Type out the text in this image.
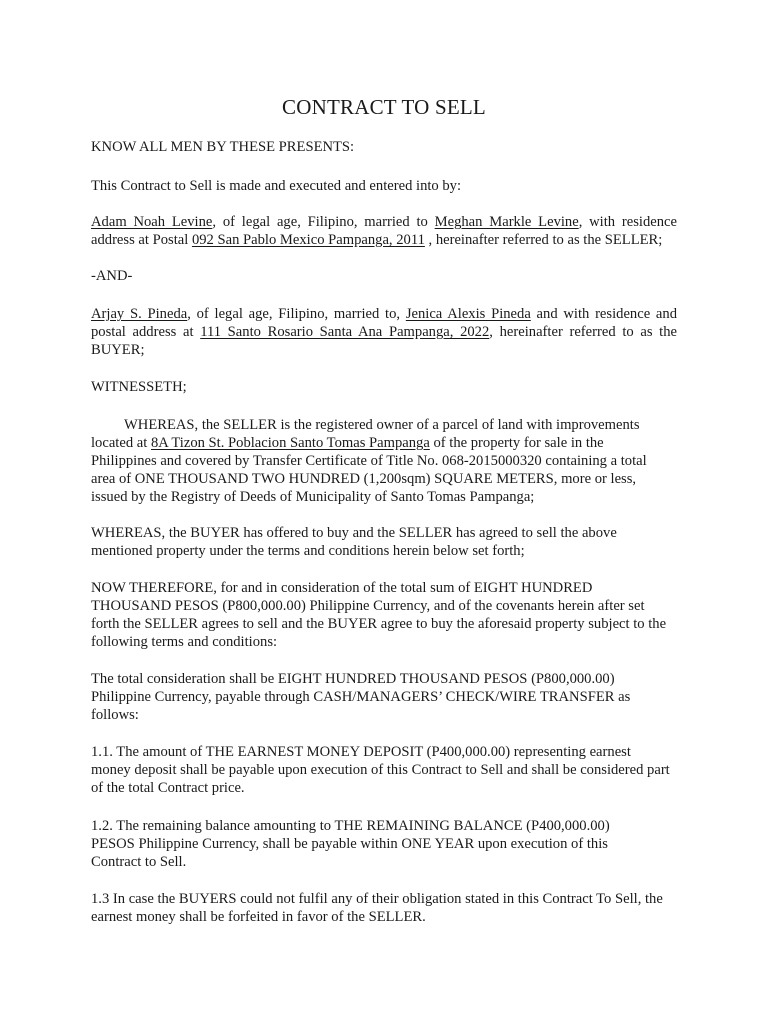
CONTRACT TO SELL

KNOW ALL MEN BY THESE PRESENTS:

This Contract to Sell is made and executed and entered into by:

Adam Noah Levine, of legal age, Filipino, married to Meghan Markle Levine, with residence address at Postal 092 San Pablo Mexico Pampanga, 2011 , hereinafter referred to as the SELLER;

-AND-

Arjay S. Pineda, of legal age, Filipino, married to, Jenica Alexis Pineda and with residence and postal address at 111 Santo Rosario Santa Ana Pampanga, 2022, hereinafter referred to as the BUYER;

WITNESSETH;

WHEREAS, the SELLER is the registered owner of a parcel of land with improvements located at 8A Tizon St. Poblacion Santo Tomas Pampanga of the property for sale in the Philippines and covered by Transfer Certificate of Title No. 068-2015000320 containing a total area of ONE THOUSAND TWO HUNDRED (1,200sqm) SQUARE METERS, more or less, issued by the Registry of Deeds of Municipality of Santo Tomas Pampanga;

WHEREAS, the BUYER has offered to buy and the SELLER has agreed to sell the above mentioned property under the terms and conditions herein below set forth;

NOW THEREFORE, for and in consideration of the total sum of EIGHT HUNDRED THOUSAND PESOS (P800,000.00) Philippine Currency, and of the covenants herein after set forth the SELLER agrees to sell and the BUYER agree to buy the aforesaid property subject to the following terms and conditions:

The total consideration shall be EIGHT HUNDRED THOUSAND PESOS (P800,000.00) Philippine Currency, payable through CASH/MANAGERS’ CHECK/WIRE TRANSFER as follows:

1.1. The amount of THE EARNEST MONEY DEPOSIT (P400,000.00) representing earnest money deposit shall be payable upon execution of this Contract to Sell and shall be considered part of the total Contract price.

1.2. The remaining balance amounting to THE REMAINING BALANCE (P400,000.00) PESOS Philippine Currency, shall be payable within ONE YEAR upon execution of this Contract to Sell.

1.3 In case the BUYERS could not fulfil any of their obligation stated in this Contract To Sell, the earnest money shall be forfeited in favor of the SELLER.
